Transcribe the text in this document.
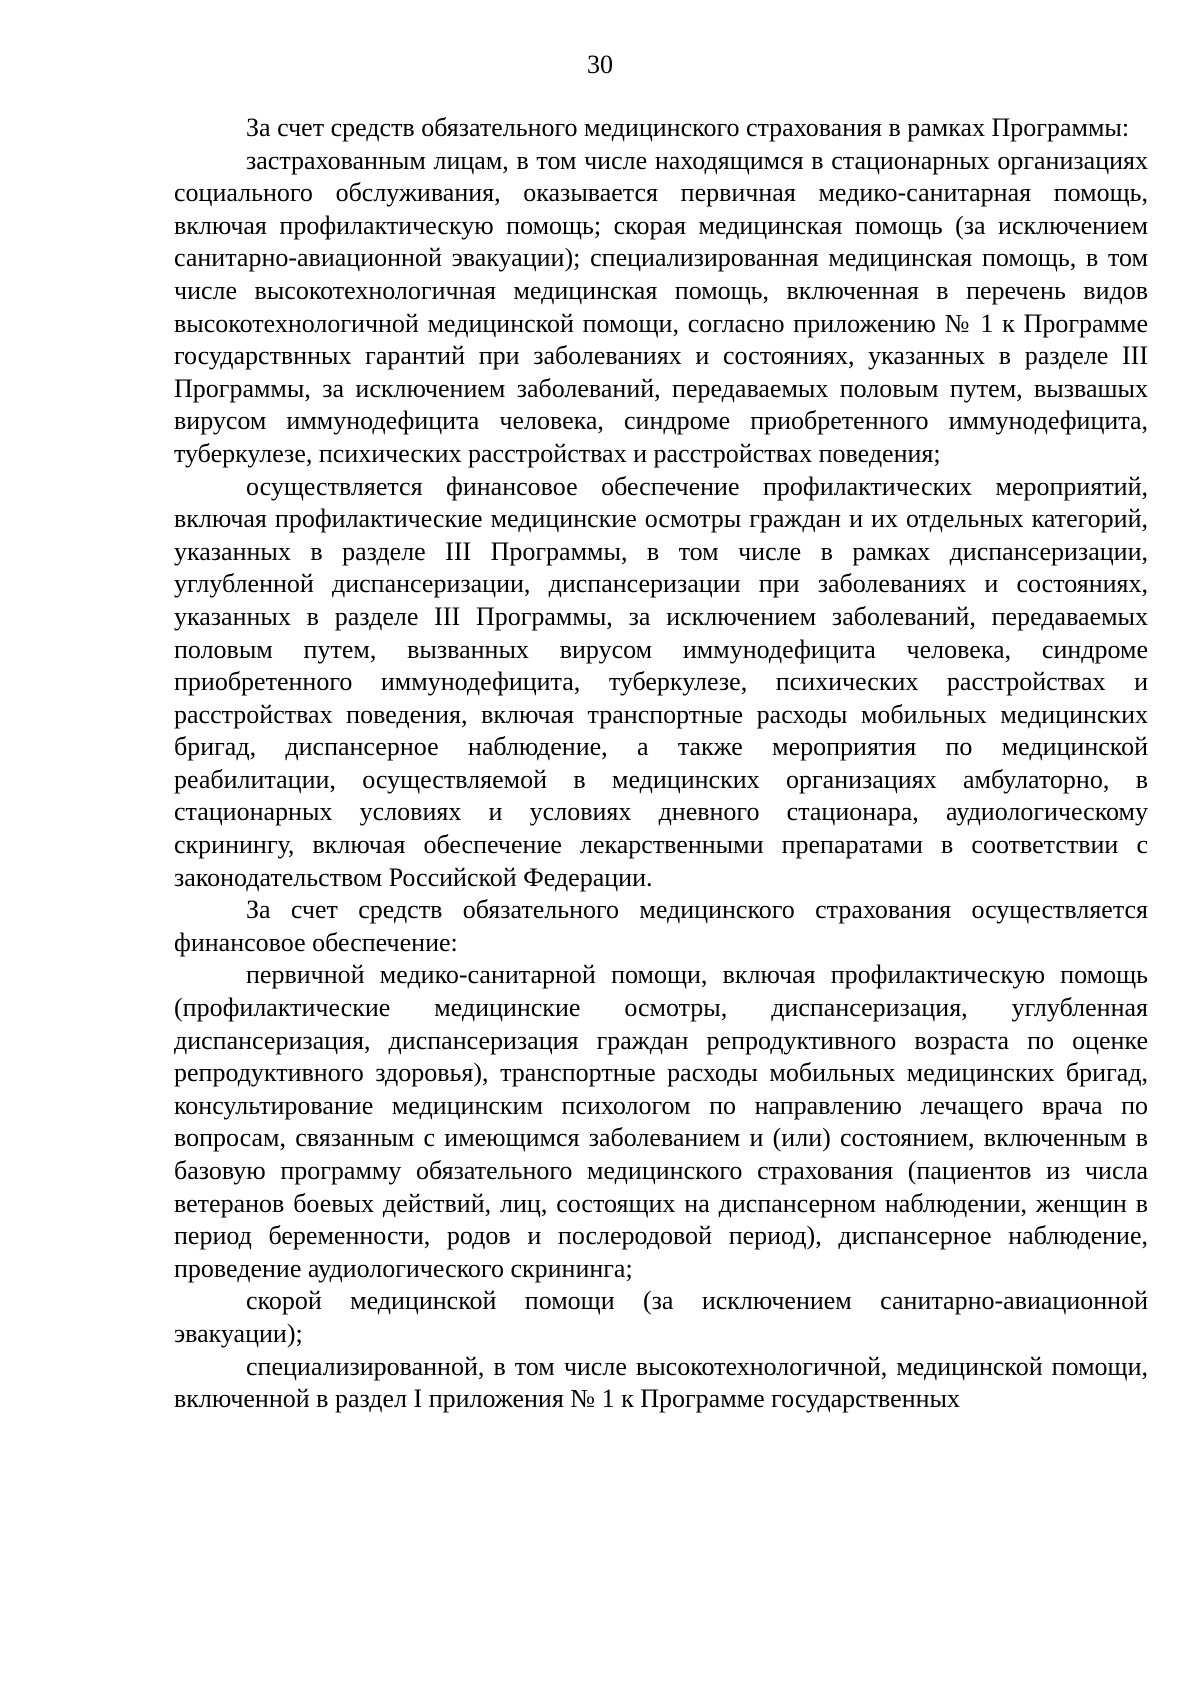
30

За счет средств обязательного медицинского страхования в рамках Программы:

застрахованным лицам, в том числе находящимся в стационарных организациях социального обслуживания, оказывается первичная медико-санитарная помощь, включая профилактическую помощь; скорая медицинская помощь (за исключением санитарно-авиационной эвакуации); специализированная медицинская помощь, в том числе высокотехнологичная медицинская помощь, включенная в перечень видов высокотехнологичной медицинской помощи, согласно приложению № 1 к Программе государствнных гарантий при заболеваниях и состояниях, указанных в разделе III Программы, за исключением заболеваний, передаваемых половым путем, вызвашых вирусом иммунодефицита человека, синдроме приобретенного иммунодефицита, туберкулезе, психических расстройствах и расстройствах поведения;

осуществляется финансовое обеспечение профилактических мероприятий, включая профилактические медицинские осмотры граждан и их отдельных категорий, указанных в разделе III Программы, в том числе в рамках диспансеризации, углубленной диспансеризации, диспансеризации при заболеваниях и состояниях, указанных в разделе III Программы, за исключением заболеваний, передаваемых половым путем, вызванных вирусом иммунодефицита человека, синдроме приобретенного иммунодефицита, туберкулезе, психических расстройствах и расстройствах поведения, включая транспортные расходы мобильных медицинских бригад, диспансерное наблюдение, а также мероприятия по медицинской реабилитации, осуществляемой в медицинских организациях амбулаторно, в стационарных условиях и условиях дневного стационара, аудиологическому скринингу, включая обеспечение лекарственными препаратами в соответствии с законодательством Российской Федерации.

За счет средств обязательного медицинского страхования осуществляется финансовое обеспечение:

первичной медико-санитарной помощи, включая профилактическую помощь (профилактические медицинские осмотры, диспансеризация, углубленная диспансеризация, диспансеризация граждан репродуктивного возраста по оценке репродуктивного здоровья), транспортные расходы мобильных медицинских бригад, консультирование медицинским психологом по направлению лечащего врача по вопросам, связанным с имеющимся заболеванием и (или) состоянием, включенным в базовую программу обязательного медицинского страхования (пациентов из числа ветеранов боевых действий, лиц, состоящих на диспансерном наблюдении, женщин в период беременности, родов и послеродовой период), диспансерное наблюдение, проведение аудиологического скрининга;

скорой медицинской помощи (за исключением санитарно-авиационной эвакуации);

специализированной, в том числе высокотехнологичной, медицинской помощи, включенной в раздел I приложения № 1 к Программе государственных
